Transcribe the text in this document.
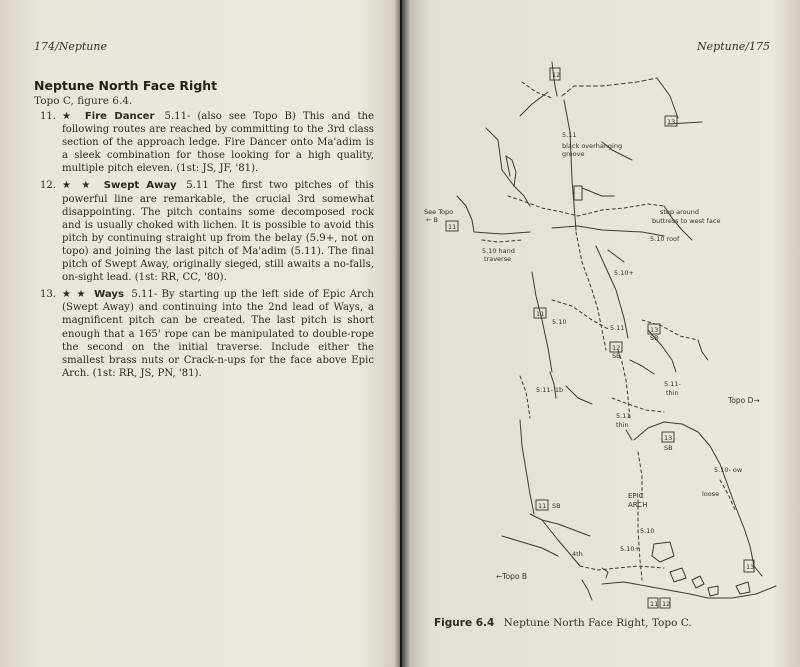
174/Neptune
Neptune North Face Right
Topo C, figure 6.4.
11. ★ Fire Dancer 5.11- (also see Topo B) This and the following routes are reached by committing to the 3rd class section of the approach ledge. Fire Dancer onto Ma'adim is a sleek combination for those looking for a high quality, multiple pitch eleven. (1st: JS, JF, '81).
12. ★ ★ Swept Away 5.11 The first two pitches of this powerful line are remarkable, the crucial 3rd somewhat disappointing. The pitch contains some decomposed rock and is usually choked with lichen. It is possible to avoid this pitch by continuing straight up from the belay (5.9+, not on topo) and joining the last pitch of Ma'adim (5.11). The final pitch of Swept Away, originally sieged, still awaits a no-falls, on-sight lead. (1st: RR, CC, '80).
13. ★ ★ Ways 5.11- By starting up the left side of Epic Arch (Swept Away) and continuing into the 2nd lead of Ways, a magnificent pitch can be created. The last pitch is short enough that a 165' rope can be manipulated to double-rope the second on the initial traverse. Include either the smallest brass nuts or Crack-n-ups for the face above Epic Arch. (1st: RR, JS, PN, '81).
Neptune/175
12
13
5.11
black overhanging
groove
See Topo
← B
11
step around
buttress to west face
5.10 roof
5.10 hand
traverse
5.10+
11
5.10
5.11	13
SB
12
SB
5.11- 1b
5.11-
thin
Topo D→
5.11
thin
13
SB
5.10- ow
loose
EPIC
ARCH
11 SB
5.10
5.10+
4th
←Topo B
13
11 12
Figure 6.4 Neptune North Face Right, Topo C.
